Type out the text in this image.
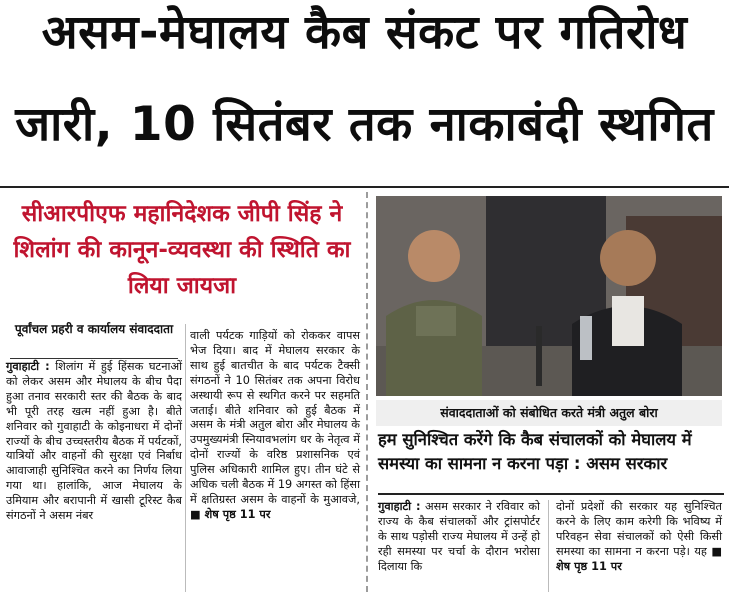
असम-मेघालय कैब संकट पर गतिरोध
जारी, 10 सितंबर तक नाकाबंदी स्थगित
सीआरपीएफ महानिदेशक जीपी सिंह ने शिलांग की कानून-व्यवस्था की स्थिति का लिया जायजा
पूर्वांचल प्रहरी व कार्यालय संवाददाता
गुवाहाटी : शिलांग में हुई हिंसक घटनाओं को लेकर असम और मेघालय के बीच पैदा हुआ तनाव सरकारी स्तर की बैठक के बाद भी पूरी तरह खत्म नहीं हुआ है। बीते शनिवार को गुवाहाटी के कोइनाधरा में दोनों राज्यों के बीच उच्चस्तरीय बैठक में पर्यटकों, यात्रियों और वाहनों की सुरक्षा एवं निर्बाध आवाजाही सुनिश्चित करने का निर्णय लिया गया था। हालांकि, आज मेघालय के उमियाम और बरापानी में खासी टूरिस्ट कैब संगठनों ने असम नंबर
वाली पर्यटक गाड़ियों को रोककर वापस भेज दिया। बाद में मेघालय सरकार के साथ हुई बातचीत के बाद पर्यटक टैक्सी संगठनों ने 10 सितंबर तक अपना विरोध अस्थायी रूप से स्थगित करने पर सहमति जताई। बीते शनिवार को हुई बैठक में असम के मंत्री अतुल बोरा और मेघालय के उपमुख्यमंत्री स्नियावभलांग धर के नेतृत्व में दोनों राज्यों के वरिष्ठ प्रशासनिक एवं पुलिस अधिकारी शामिल हुए। तीन घंटे से अधिक चली बैठक में 19 अगस्त को हिंसा में क्षतिग्रस्त असम के वाहनों के मुआवजे, ■ शेष पृष्ठ 11 पर
संवाददाताओं को संबोधित करते मंत्री अतुल बोरा
हम सुनिश्चित करेंगे कि कैब संचालकों को मेघालय में समस्या का सामना न करना पड़ा : असम सरकार
गुवाहाटी : असम सरकार ने रविवार को राज्य के कैब संचालकों और ट्रांसपोर्टर के साथ पड़ोसी राज्य मेघालय में उन्हें हो रही समस्या पर चर्चा के दौरान भरोसा दिलाया कि
दोनों प्रदेशों की सरकार यह सुनिश्चित करने के लिए काम करेगी कि भविष्य में परिवहन सेवा संचालकों को ऐसी किसी समस्या का सामना न करना पड़े। यह ■ शेष पृष्ठ 11 पर
